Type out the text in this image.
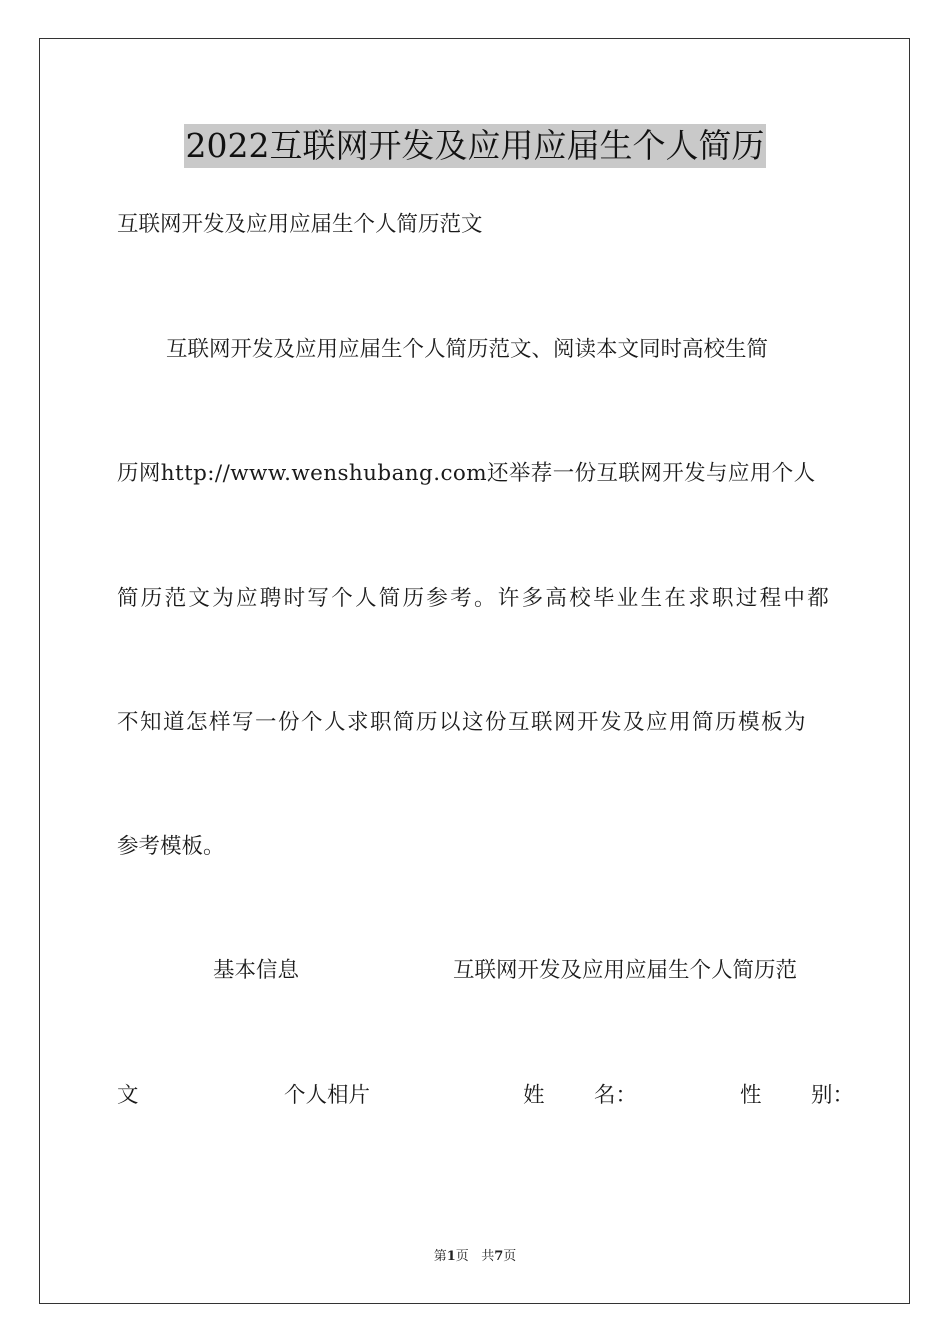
2022互联网开发及应用应届生个人简历
互联网开发及应用应届生个人简历范文
互联网开发及应用应届生个人简历范文、阅读本文同时高校生简
历网http://www.wenshubang.com还举荐一份互联网开发与应用个人
简历范文为应聘时写个人简历参考。许多高校毕业生在求职过程中都
不知道怎样写一份个人求职简历以这份互联网开发及应用简历模板为
参考模板。
基本信息	互联网开发及应用应届生个人简历范
文	个人相片	姓 名：	性 别：
第1页 共7页
